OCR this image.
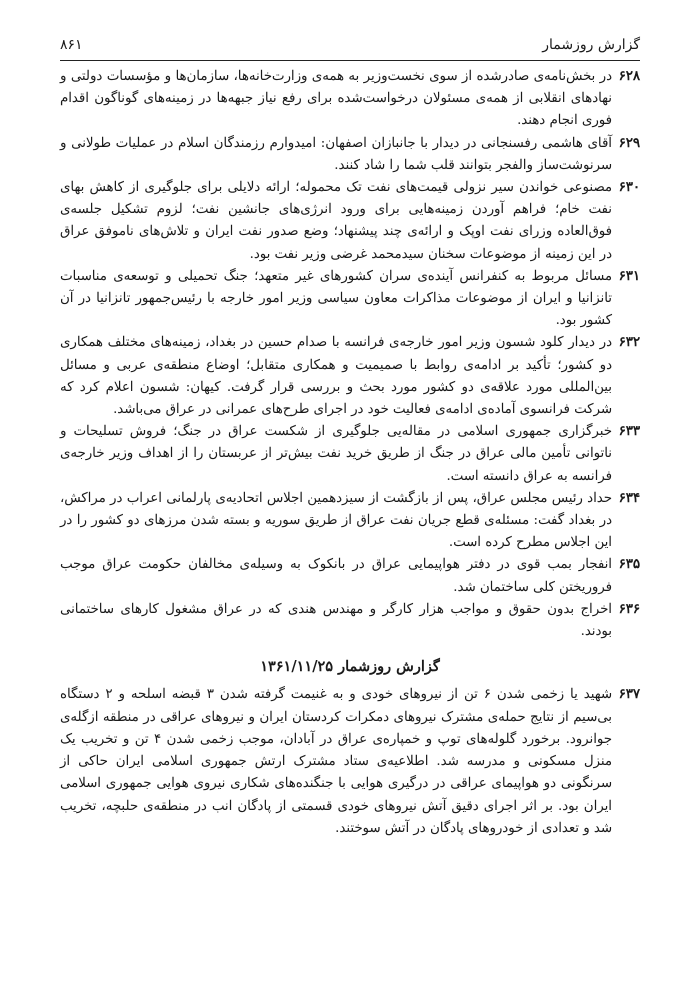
گزارش روزشمار
۸۶۱
۶۲۸
در بخش‌نامه‌ی صادرشده از سوی نخست‌وزیر به همه‌ی وزارت‌خانه‌ها، سازمان‌ها و مؤسسات دولتی و نهادهای انقلابی از همه‌ی مسئولان درخواست‌شده برای رفع نیاز جبهه‌ها در زمینه‌های گوناگون اقدام فوری انجام دهند.
۶۲۹
آقای هاشمی رفسنجانی در دیدار با جانبازان اصفهان: امیدوارم رزمندگان اسلام در عملیات طولانی و سرنوشت‌ساز والفجر بتوانند قلب شما را شاد کنند.
۶۳۰
مصنوعی خواندن سیر نزولی قیمت‌های نفت تک محموله؛ ارائه دلایلی برای جلوگیری از کاهش بهای نفت خام؛ فراهم آوردن زمینه‌هایی برای ورود انرژی‌های جانشین نفت؛ لزوم تشکیل جلسه‌ی فوق‌العاده وزرای نفت اوپک و ارائه‌ی چند پیشنهاد؛ وضع صدور نفت ایران و تلاش‌های ناموفق عراق در این زمینه از موضوعات سخنان سیدمحمد غرضی وزیر نفت بود.
۶۳۱
مسائل مربوط به کنفرانس آینده‌ی سران کشورهای غیر متعهد؛ جنگ تحمیلی و توسعه‌ی مناسبات تانزانیا و ایران از موضوعات مذاکرات معاون سیاسی وزیر امور خارجه با رئیس‌جمهور تانزانیا در آن کشور بود.
۶۳۲
در دیدار کلود شسون وزیر امور خارجه‌ی فرانسه با صدام حسین در بغداد، زمینه‌های مختلف همکاری دو کشور؛ تأکید بر ادامه‌ی روابط با صمیمیت و همکاری متقابل؛ اوضاع منطقه‌ی عربی و مسائل بین‌المللی مورد علاقه‌ی دو کشور مورد بحث و بررسی قرار گرفت. کیهان: شسون اعلام کرد که شرکت فرانسوی آماده‌ی ادامه‌ی فعالیت خود در اجرای طرح‌های عمرانی در عراق می‌باشد.
۶۳۳
خبرگزاری جمهوری اسلامی در مقاله‌یی جلوگیری از شکست عراق در جنگ؛ فروش تسلیحات و ناتوانی تأمین مالی عراق در جنگ از طریق خرید نفت بیش‌تر از عربستان را از اهداف وزیر خارجه‌ی فرانسه به عراق دانسته است.
۶۳۴
حداد رئیس مجلس عراق، پس از بازگشت از سیزدهمین اجلاس اتحادیه‌ی پارلمانی اعراب در مراکش، در بغداد گفت: مسئله‌ی قطع جریان نفت عراق از طریق سوریه و بسته شدن مرزهای دو کشور را در این اجلاس مطرح کرده است.
۶۳۵
انفجار بمب قوی در دفتر هواپیمایی عراق در بانکوک به وسیله‌ی مخالفان حکومت عراق موجب فروریختن کلی ساختمان شد.
۶۳۶
اخراج بدون حقوق و مواجب هزار کارگر و مهندس هندی که در عراق مشغول کارهای ساختمانی بودند.
گزارش روزشمار ۱۳۶۱/۱۱/۲۵
۶۳۷
شهید یا زخمی شدن ۶ تن از نیروهای خودی و به غنیمت گرفته شدن ۳ قبضه اسلحه و ۲ دستگاه بی‌سیم از نتایج حمله‌ی مشترک نیروهای دمکرات کردستان ایران و نیروهای عراقی در منطقه ازگله‌ی جوانرود. برخورد گلوله‌های توپ و خمپاره‌ی عراق در آبادان، موجب زخمی شدن ۴ تن و تخریب یک منزل مسکونی و مدرسه شد. اطلاعیه‌ی ستاد مشترک ارتش جمهوری اسلامی ایران حاکی از سرنگونی دو هواپیمای عراقی در درگیری هوایی با جنگنده‌های شکاری نیروی هوایی جمهوری اسلامی ایران بود. بر اثر اجرای دقیق آتش نیروهای خودی قسمتی از پادگان انب در منطقه‌ی حلبچه، تخریب شد و تعدادی از خودروهای پادگان در آتش سوختند.
